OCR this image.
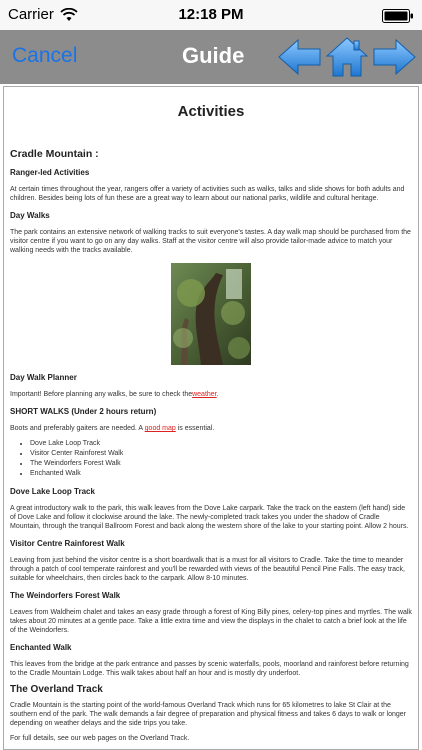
Carrier	12:18 PM
Cancel	Guide
Activities
Cradle Mountain :
Ranger-led Activities

At certain times throughout the year, rangers offer a variety of activities such as walks, talks and slide shows for both adults and children. Besides being lots of fun these are a great way to learn about our national parks, wildlife and cultural heritage.

Day Walks

The park contains an extensive network of walking tracks to suit everyone's tastes. A day walk map should be purchased from the visitor centre if you want to go on any day walks. Staff at the visitor centre will also provide tailor-made advice to match your walking needs with the tracks available.

Day Walk Planner

Important! Before planning any walks, be sure to check theweather.

SHORT WALKS (Under 2 hours return)

Boots and preferably gaiters are needed. A good map is essential.

• Dove Lake Loop Track
• Visitor Center Rainforest Walk
• The Weindorfers Forest Walk
• Enchanted Walk
Dove Lake Loop Track

A great introductory walk to the park, this walk leaves from the Dove Lake carpark. Take the track on the eastern (left hand) side of Dove Lake and follow it clockwise around the lake. The newly-completed track takes you under the shadow of Cradle Mountain, through the tranquil Ballroom Forest and back along the western shore of the lake to your starting point. Allow 2 hours.

Visitor Centre Rainforest Walk

Leaving from just behind the visitor centre is a short boardwalk that is a must for all visitors to Cradle. Take the time to meander through a patch of cool temperate rainforest and you'll be rewarded with views of the beautiful Pencil Pine Falls. The easy track, suitable for wheelchairs, then circles back to the carpark. Allow 8-10 minutes.

The Weindorfers Forest Walk

Leaves from Waldheim chalet and takes an easy grade through a forest of King Billy pines, celery-top pines and myrtles. The walk takes about 20 minutes at a gentle pace. Take a little extra time and view the displays in the chalet to catch a brief look at the life of the Weindorfers.

Enchanted Walk

This leaves from the bridge at the park entrance and passes by scenic waterfalls, pools, moorland and rainforest before returning to the Cradle Mountain Lodge. This walk takes about half an hour and is mostly dry underfoot.

The Overland Track

Cradle Mountain is the starting point of the world-famous Overland Track which runs for 65 kilometres to lake St Clair at the southern end of the park. The walk demands a fair degree of preparation and physical fitness and takes 6 days to walk or longer depending on weather delays and the side trips you take.

For full details, see our web pages on the Overland Track.
